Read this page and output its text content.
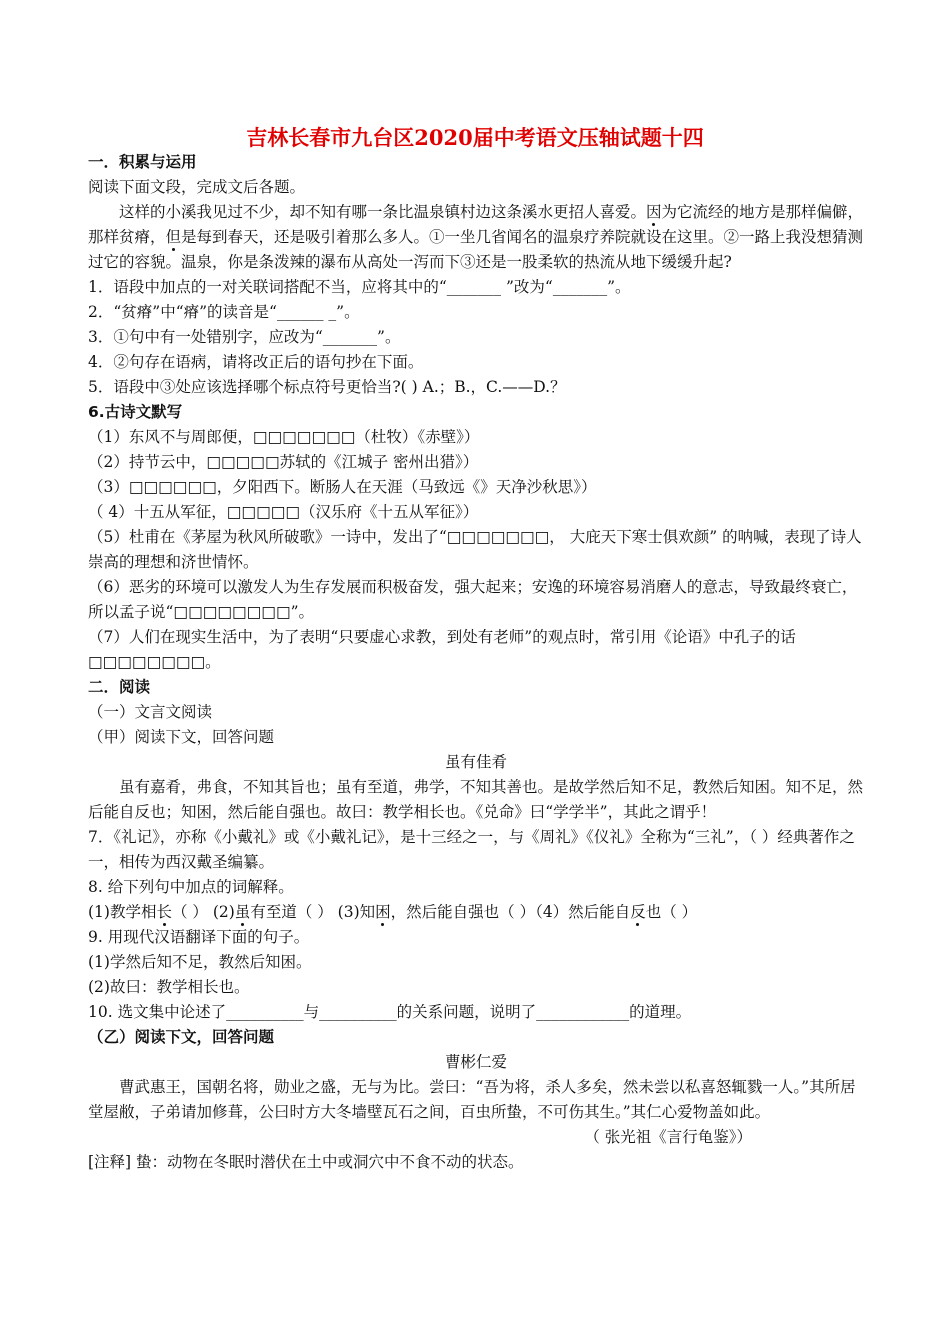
吉林长春市九台区2020届中考语文压轴试题十四

一．积累与运用

阅读下面文段，完成文后各题。

这样的小溪我见过不少，却不知有哪一条比温泉镇村边这条溪水更招人喜爱。因为它流经的地方是那样偏僻，那样贫瘠，但是每到春天，还是吸引着那么多人。①一坐几省闻名的温泉疗养院就设在这里。②一路上我没想猜测过它的容貌。温泉，你是条泼辣的瀑布从高处一泻而下③还是一股柔软的热流从地下缓缓升起?

1．语段中加点的一对关联词搭配不当，应将其中的“_______ ”改为“_______”。

2．“贫瘠”中“瘠”的读音是“______ _”。

3．①句中有一处错别字，应改为“_______”。

4．②句存在语病，请将改正后的语句抄在下面。

5．语段中③处应该选择哪个标点符号更恰当?( ) A.；B.，C.——D.？

6.古诗文默写

（1）东风不与周郎便，□□□□□□□（杜牧）《赤壁》）

（2）持节云中，□□□□□苏轼的《江城子 密州出猎》）

（3）□□□□□□，夕阳西下。断肠人在天涯（马致远《》天净沙秋思》）

（ 4）十五从军征，□□□□□（汉乐府《十五从军征》）

（5）杜甫在《茅屋为秋风所破歌》一诗中，发出了“□□□□□□□， 大庇天下寒士俱欢颜” 的呐喊，表现了诗人崇高的理想和济世情怀。

（6）恶劣的环境可以激发人为生存发展而积极奋发，强大起来；安逸的环境容易消磨人的意志，导致最终衰亡，所以孟子说“□□□□□□□□”。

（7）人们在现实生活中，为了表明“只要虚心求教，到处有老师”的观点时，常引用《论语》中孔子的话□□□□□□□□。

二．阅读

（一）文言文阅读

（甲）阅读下文，回答问题

虽有佳肴

虽有嘉肴，弗食，不知其旨也；虽有至道，弗学，不知其善也。是故学然后知不足，教然后知困。知不足，然后能自反也；知困，然后能自强也。故曰：教学相长也。《兑命》曰“学学半”，其此之谓乎！

7．《礼记》，亦称《小戴礼》或《小戴礼记》，是十三经之一，与《周礼》《仪礼》全称为“三礼”，（ ）经典著作之一，相传为西汉戴圣编纂。

8. 给下列句中加点的词解释。

(1)教学相长（ ） (2)虽有至道（ ） (3)知困，然后能自强也（ ）（4）然后能自反也（ ）

9. 用现代汉语翻译下面的句子。

(1)学然后知不足，教然后知困。

(2)故曰：教学相长也。

10. 选文集中论述了__________与__________的关系问题，说明了____________的道理。

（乙）阅读下文，回答问题

曹彬仁爱

曹武惠王，国朝名将，勋业之盛，无与为比。尝曰：“吾为将，杀人多矣，然未尝以私喜怒辄戮一人。”其所居堂屋敝，子弟请加修葺，公曰时方大冬墙壁瓦石之间，百虫所蛰，不可伤其生。”其仁心爱物盖如此。

（ 张光祖《言行龟鉴》）

[注释] 蛰：动物在冬眠时潜伏在土中或洞穴中不食不动的状态。
